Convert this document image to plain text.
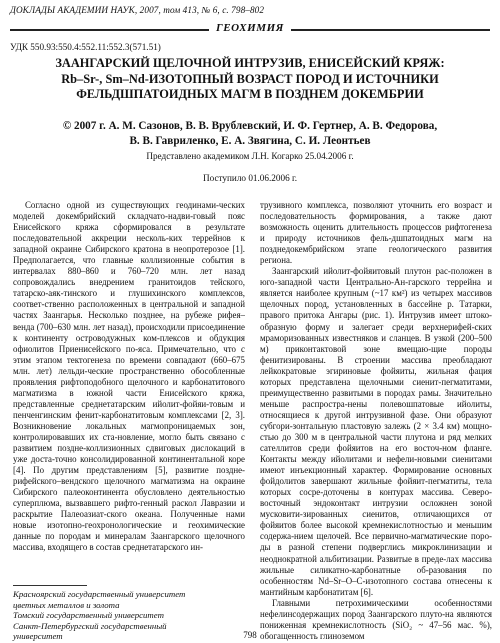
ДОКЛАДЫ АКАДЕМИИ НАУК, 2007, том 413, № 6, с. 798–802
ГЕОХИМИЯ
УДК 550.93:550.4:552.11:552.3(571.51)
ЗААНГАРСКИЙ ЩЕЛОЧНОЙ ИНТРУЗИВ, ЕНИСЕЙСКИЙ КРЯЖ:
Rb–Sr-, Sm–Nd-ИЗОТОПНЫЙ ВОЗРАСТ ПОРОД И ИСТОЧНИКИ
ФЕЛЬДШПАТОИДНЫХ МАГМ В ПОЗДНЕМ ДОКЕМБРИИ
© 2007 г. А. М. Сазонов, В. В. Врублевский, И. Ф. Гертнер, А. В. Федорова,
В. В. Гавриленко, Е. А. Звягина, С. И. Леонтьев
Представлено академиком Л.Н. Когарко 25.04.2006 г.
Поступило 01.06.2006 г.

Согласно одной из существующих геодинами-ческих моделей докембрийский складчато-надви-говый пояс Енисейского кряжа сформировался в результате последовательной аккреции несколь-ких террейнов к западной окраине Сибирского кратона в неопротерозое [1]. Предполагается, что главные коллизионные события в интервалах 880–860 и 760–720 млн. лет назад сопровождались внедрением гранитоидов тейского, татарско-аяк-тинского и глушихинского комплексов, соответ-ственно расположенных в центральной и западной частях Заангарья. Несколько позднее, на рубеже рифея–венда (700–630 млн. лет назад), происходили присоединение к континенту островодужных ком-плексов и обдукция офиолитов Приенисейского по-яса. Примечательно, что с этим этапом тектогенеза по времени совпадают (660–675 млн. лет) лельди-ческие пространственно обособленные проявления рифтоподобного щелочного и карбонатитового магматизма в южной части Енисейского кряжа, представленные среднетатарским ийолит-фойяи-товым и пенченгинским фенит-карбонатитовым комплексами [2, 3]. Возникновение локальных магмопроницаемых зон, контролировавших их ста-новление, могло быть связано с развитием позднe-коллизионных сдвиговых дислокаций в уже доста-точно консолидированной континентальной коре [4]. По другим представлениям [5], развитие поздне-рифейского–вендского щелочного магматизма на окраине Сибирского палеоконтинента обусловлено деятельностью суперплюма, вызвавшего рифто-генный раскол Лавразии и раскрытие Палеоазиат-ского океана. Полученные нами новые изотопно-геохронологические и геохимические данные по породам и минералам Заангарского щелочного массива, входящего в состав среднетатарского ин-

трузивного комплекса, позволяют уточнить его возраст и последовательность формирования, а также дают возможность оценить длительность процессов рифтогенеза и природу источников фель-дшпатоидных магм на позднедокембрийском этапе геологического развития региона.

Заангарский ийолит-фойяитовый плутон рас-положен в юго-западной части Центрально-Ан-гарского террейна и является наиболее крупным (~17 км²) из четырех массивов щелочных пород, установленных в бассейне р. Татарки, правого притока Ангары (рис. 1). Интрузив имеет штоко-образную форму и залегает среди верхнерифей-ских мраморизованных известняков и сланцев. В узкой (200–500 м) приконтактовой зоне вмещаю-щие породы фенитизированы. В строении массива преобладают лейкократовые эгириновые фойяиты, жильная фация которых представлена щелочными сиенит-пегматитами, преимущественно развитыми в породах рамы. Значительно меньше распростра-нены полевошпатовые ийолиты, относящиеся к другой интрузивной фазе. Они образуют субгори-зонтальную пластовую залежь (2 × 3.4 км) мощно-стью до 300 м в центральной части плутона и ряд мелких сателлитов среди фойяитов на его восточ-ном фланге. Контакты между ийолитами и нефели-новыми сиенитами имеют инъекционный характер. Формирование основных фойдолитов завершают жильные фойяит-пегматиты, тела которых сосре-доточены в контурах массива. Северо-восточный эндоконтакт интрузии осложнен зоной мусковити-зированных сиенитов, отличающихся от фойяитов более высокой кремнекислотностью и меньшим содержа-нием щелочей. Все первично-магматические поро-ды в разной степени подверглись микроклинизации и неоднократной альбитизации. Развитые в преде-лах массива жильные силикатно-карбонатные об-разования по особенностям Nd–Sr–O–C-изотопного состава отнесены к мантийным карбонатитам [6].

Главными петрохимическими особенностями нефелинсодержащих пород Заангарского плуто-на являются пониженная кремнекислотность (SiO₂ ~ 47–56 мас. %), обогащенность глиноземом

Красноярский государственный университет
цветных металлов и золота
Томский государственный университет
Санкт-Петербургский государственный
университет	798
